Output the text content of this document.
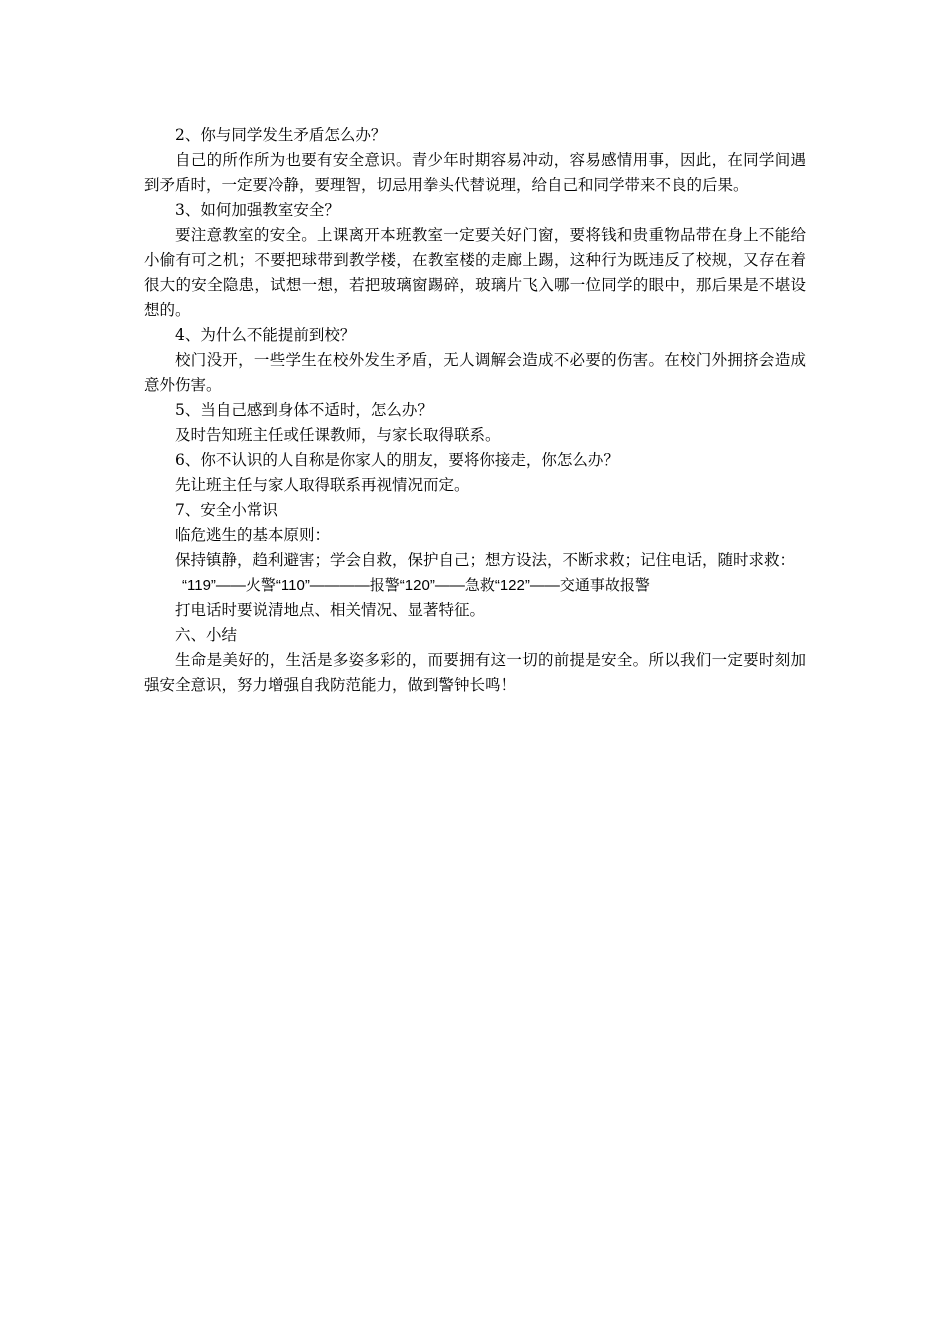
2、你与同学发生矛盾怎么办？

自己的所作所为也要有安全意识。青少年时期容易冲动，容易感情用事，因此，在同学间遇到矛盾时，一定要冷静，要理智，切忌用拳头代替说理，给自己和同学带来不良的后果。

3、如何加强教室安全？

要注意教室的安全。上课离开本班教室一定要关好门窗，要将钱和贵重物品带在身上不能给小偷有可之机；不要把球带到教学楼，在教室楼的走廊上踢，这种行为既违反了校规，又存在着很大的安全隐患，试想一想，若把玻璃窗踢碎，玻璃片飞入哪一位同学的眼中，那后果是不堪设想的。

4、为什么不能提前到校？

校门没开，一些学生在校外发生矛盾，无人调解会造成不必要的伤害。在校门外拥挤会造成意外伤害。

5、当自己感到身体不适时，怎么办？

及时告知班主任或任课教师，与家长取得联系。

6、你不认识的人自称是你家人的朋友，要将你接走，你怎么办？

先让班主任与家人取得联系再视情况而定。

7、安全小常识

临危逃生的基本原则：

保持镇静，趋利避害；学会自救，保护自己；想方设法，不断求救；记住电话，随时求救：

“119”——火警“110”————报警“120”——急救“122”——交通事故报警

打电话时要说清地点、相关情况、显著特征。

六、小结

生命是美好的，生活是多姿多彩的，而要拥有这一切的前提是安全。所以我们一定要时刻加强安全意识，努力增强自我防范能力，做到警钟长鸣！
